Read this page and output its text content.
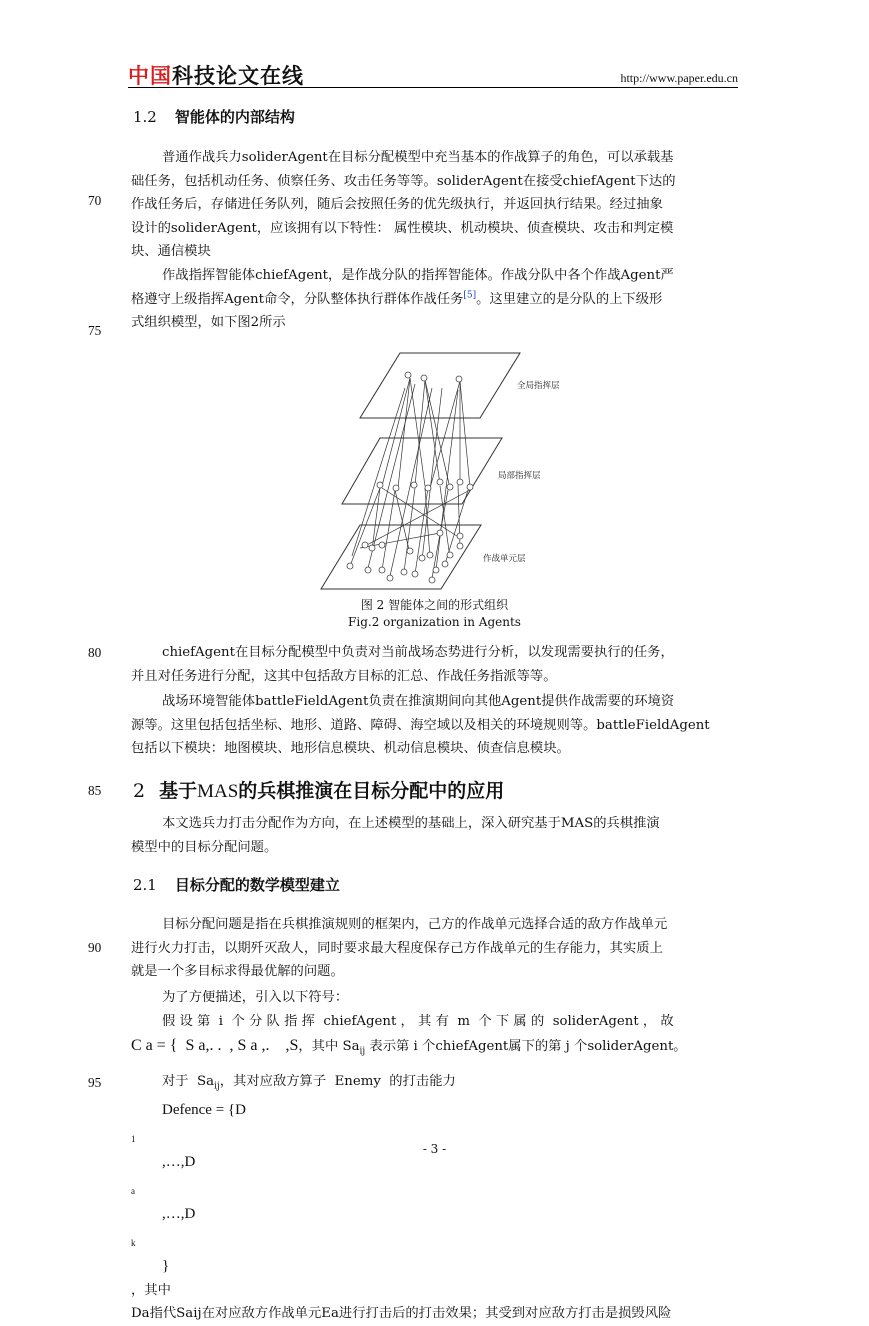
中国科技论文在线	http://www.paper.edu.cn
1.2 智能体的内部结构
普通作战兵力soliderAgent在目标分配模型中充当基本的作战算子的角色，可以承载基
础任务，包括机动任务、侦察任务、攻击任务等等。soliderAgent在接受chiefAgent下达的
作战任务后，存储进任务队列，随后会按照任务的优先级执行，并返回执行结果。经过抽象
设计的soliderAgent，应该拥有以下特性： 属性模块、机动模块、侦查模块、攻击和判定模
块、通信模块
作战指挥智能体chiefAgent，是作战分队的指挥智能体。作战分队中各个作战Agent严
格遵守上级指挥Agent命令，分队整体执行群体作战任务[5]。这里建立的是分队的上下级形
式组织模型，如下图2所示
70
75
全局指挥层
局部指挥层
作战单元层
图 2 智能体之间的形式组织
Fig.2 organization in Agents
80	chiefAgent在目标分配模型中负责对当前战场态势进行分析，以发现需要执行的任务，
并且对任务进行分配，这其中包括敌方目标的汇总、作战任务指派等等。
战场环境智能体battleFieldAgent负责在推演期间向其他Agent提供作战需要的环境资
源等。这里包括包括坐标、地形、道路、障碍、海空域以及相关的环境规则等。battleFieldAgent
包括以下模块：地图模块、地形信息模块、机动信息模块、侦查信息模块。
85 2 基于MAS的兵棋推演在目标分配中的应用
本文选兵力打击分配作为方向，在上述模型的基础上，深入研究基于MAS的兵棋推演
模型中的目标分配问题。
2.1 目标分配的数学模型建立
90
目标分配问题是指在兵棋推演规则的框架内，己方的作战单元选择合适的敌方作战单元
进行火力打击，以期歼灭敌人，同时要求最大程度保存己方作战单元的生存能力，其实质上
就是一个多目标求得最优解的问题。
为了方便描述，引入以下符号：
假 设 第  i  个 分 队 指 挥  chiefAgent ， 其 有  m  个 下 属 的  soliderAgent ， 故
C a = {  S a,. .  , S a ,.    ,S，其中 $Sa_{ij}$ 表示第 i 个chiefAgent属下的第 j 个soliderAgent。
95	对于  $Sa_{ij}$，其对应敌方算子  Enemy  的打击能力
Defence = {D
$_1$
,…,D
$_a$
,…,D
$_k$
}
，其中
Da指代Saij在对应敌方作战单元Ea进行打击后的打击效果；其受到对应敌方打击是损毁风险
- 3 -
